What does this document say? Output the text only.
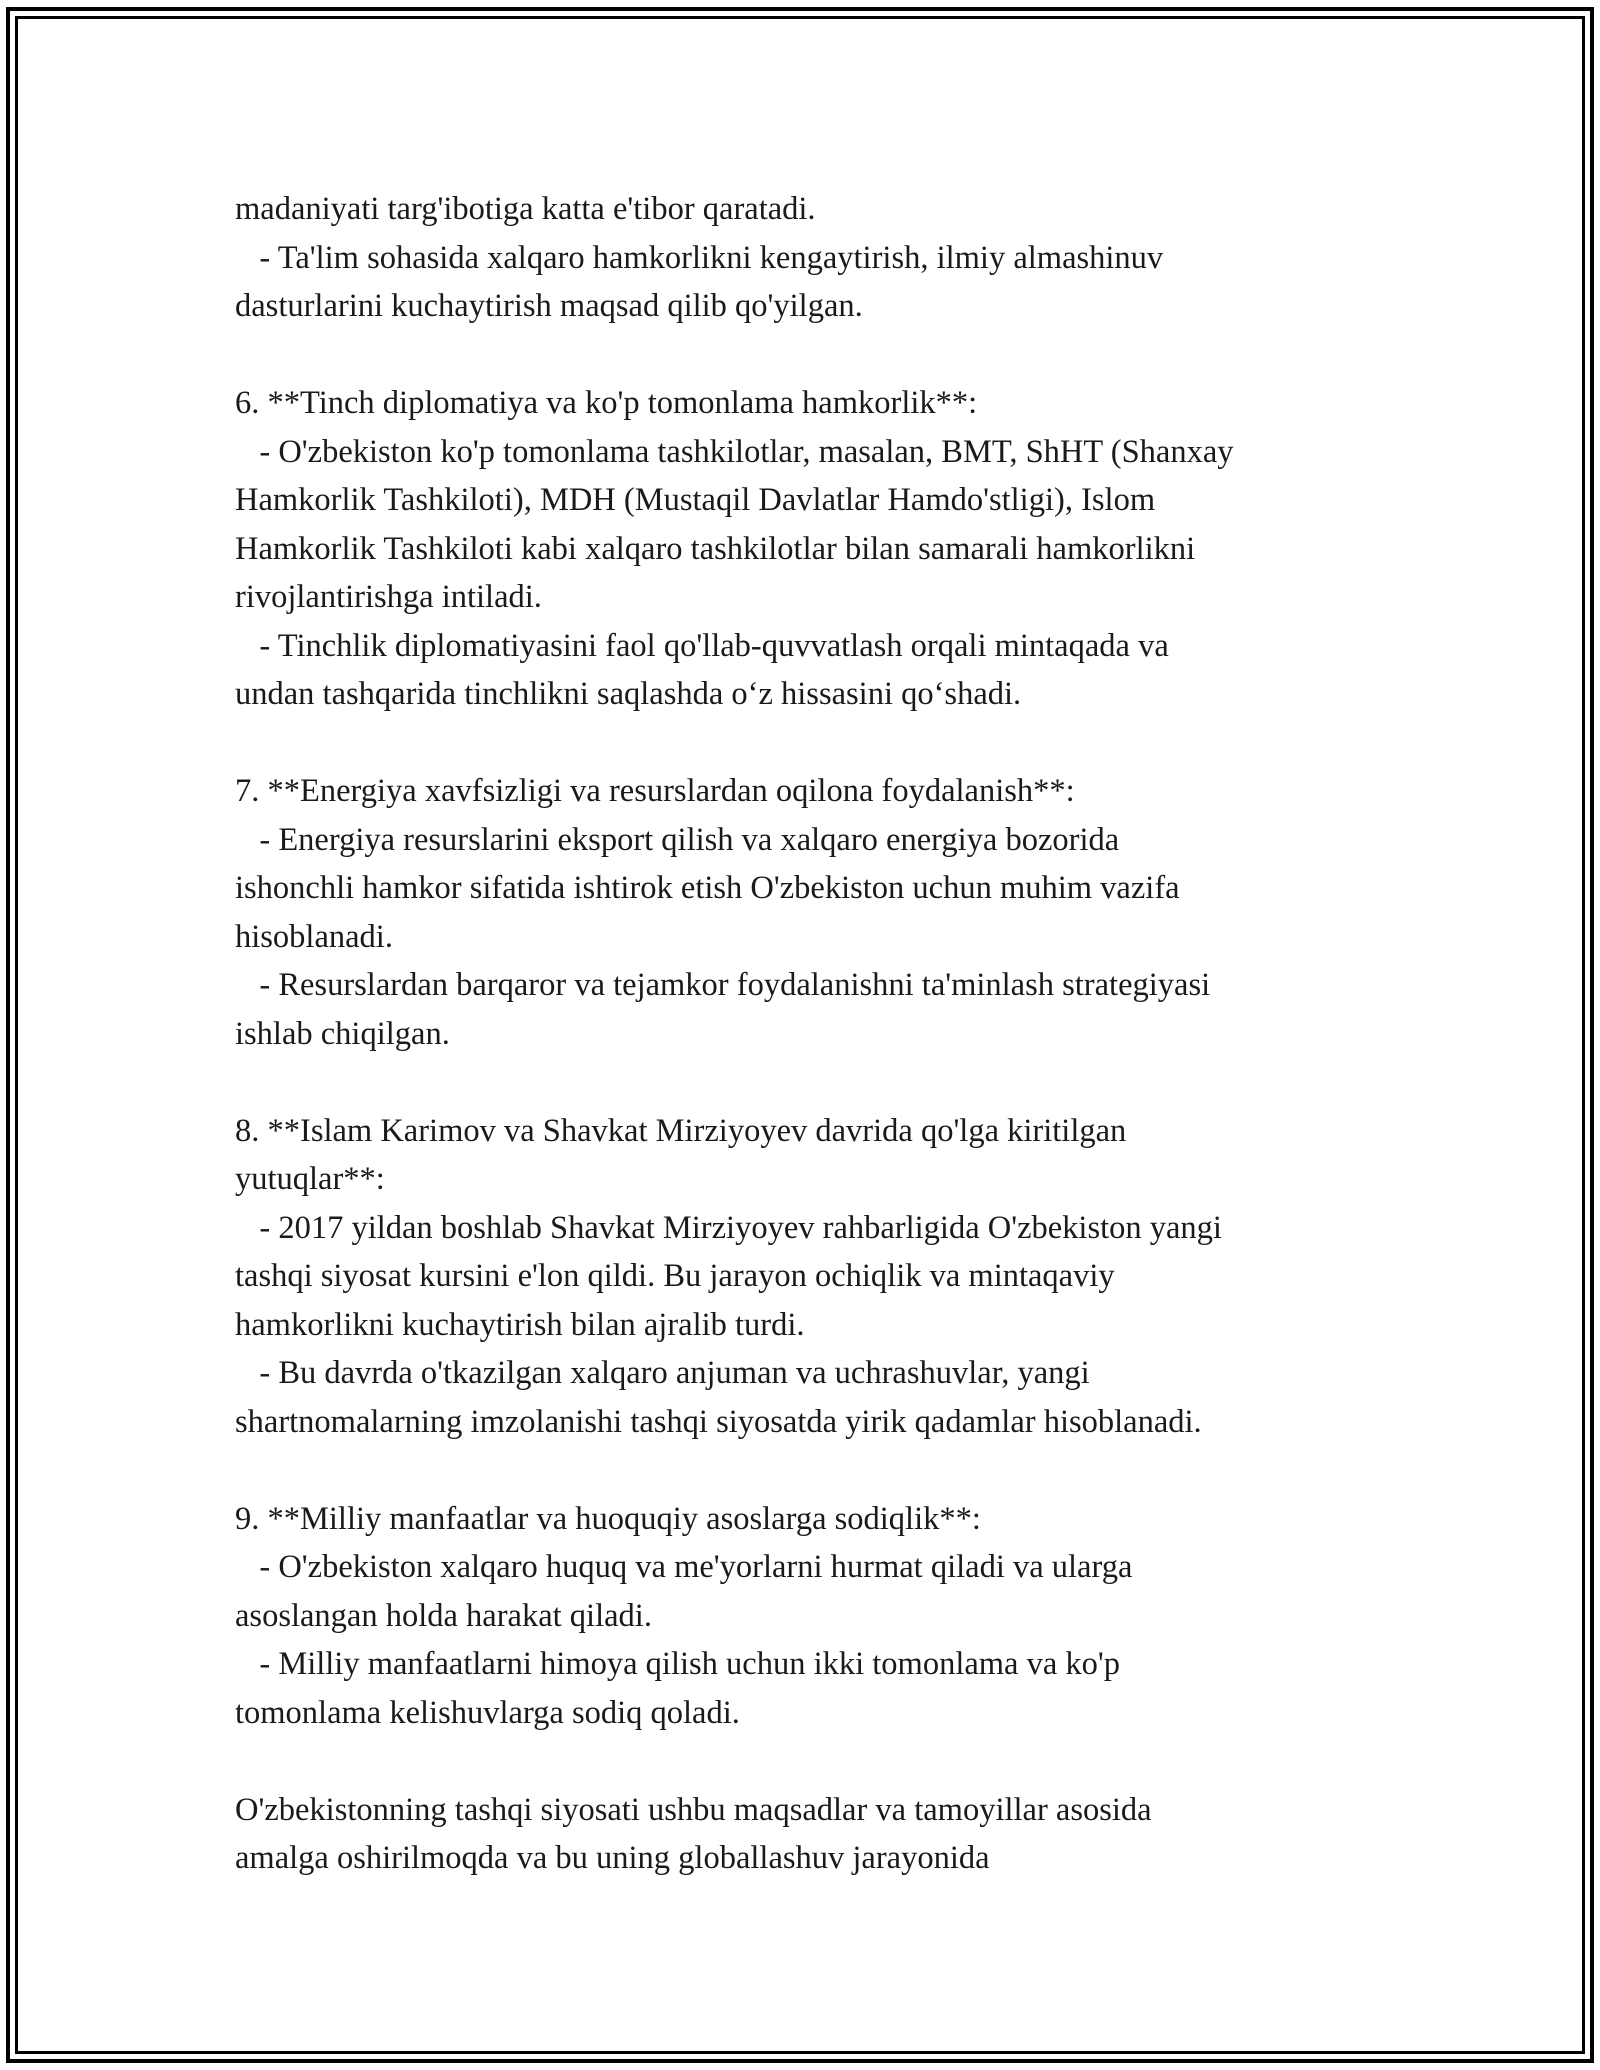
madaniyati targ'ibotiga katta e'tibor qaratadi.
- Ta'lim sohasida xalqaro hamkorlikni kengaytirish, ilmiy almashinuv
dasturlarini kuchaytirish maqsad qilib qo'yilgan.
6. **Tinch diplomatiya va ko'p tomonlama hamkorlik**:
- O'zbekiston ko'p tomonlama tashkilotlar, masalan, BMT, ShHT (Shanxay
Hamkorlik Tashkiloti), MDH (Mustaqil Davlatlar Hamdo'stligi), Islom
Hamkorlik Tashkiloti kabi xalqaro tashkilotlar bilan samarali hamkorlikni
rivojlantirishga intiladi.
- Tinchlik diplomatiyasini faol qo'llab-quvvatlash orqali mintaqada va
undan tashqarida tinchlikni saqlashda o‘z hissasini qo‘shadi.
7. **Energiya xavfsizligi va resurslardan oqilona foydalanish**:
- Energiya resurslarini eksport qilish va xalqaro energiya bozorida
ishonchli hamkor sifatida ishtirok etish O'zbekiston uchun muhim vazifa
hisoblanadi.
- Resurslardan barqaror va tejamkor foydalanishni ta'minlash strategiyasi
ishlab chiqilgan.
8. **Islam Karimov va Shavkat Mirziyoyev davrida qo'lga kiritilgan
yutuqlar**:
- 2017 yildan boshlab Shavkat Mirziyoyev rahbarligida O'zbekiston yangi
tashqi siyosat kursini e'lon qildi. Bu jarayon ochiqlik va mintaqaviy
hamkorlikni kuchaytirish bilan ajralib turdi.
- Bu davrda o'tkazilgan xalqaro anjuman va uchrashuvlar, yangi
shartnomalarning imzolanishi tashqi siyosatda yirik qadamlar hisoblanadi.
9. **Milliy manfaatlar va huoquqiy asoslarga sodiqlik**:
- O'zbekiston xalqaro huquq va me'yorlarni hurmat qiladi va ularga
asoslangan holda harakat qiladi.
- Milliy manfaatlarni himoya qilish uchun ikki tomonlama va ko'p
tomonlama kelishuvlarga sodiq qoladi.
O'zbekistonning tashqi siyosati ushbu maqsadlar va tamoyillar asosida
amalga oshirilmoqda va bu uning globallashuv jarayonida
